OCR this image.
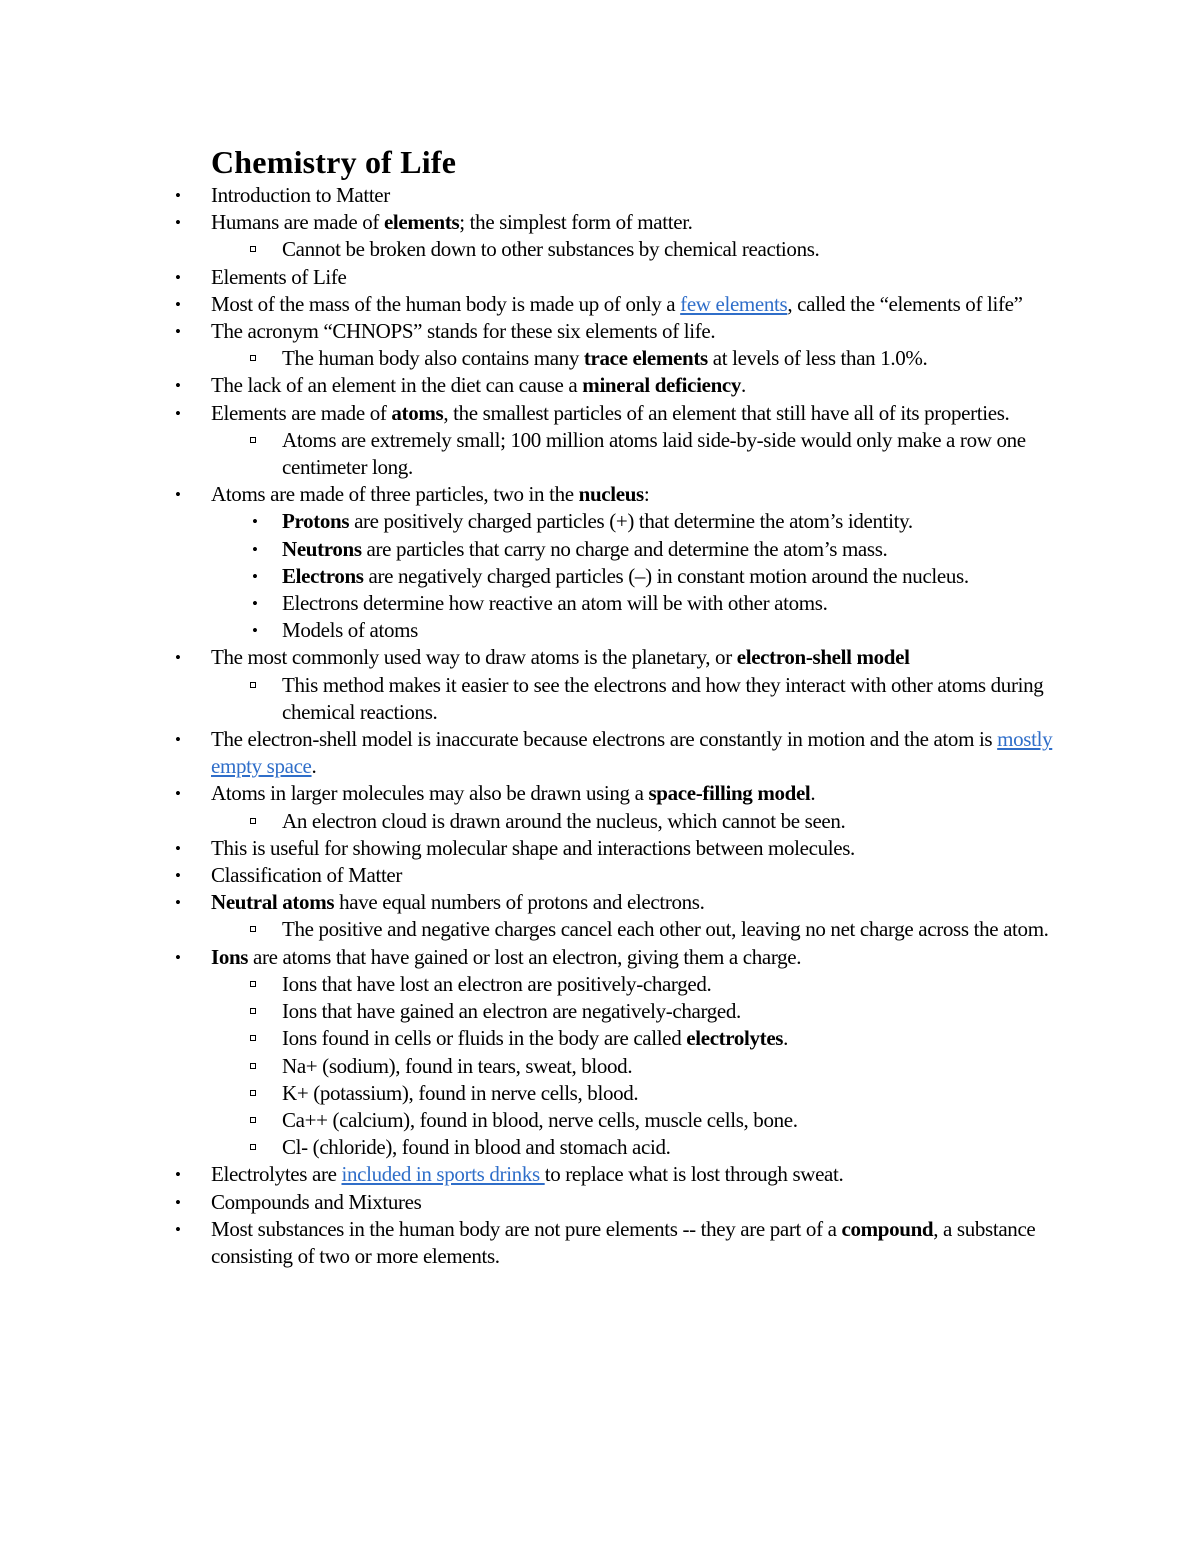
Chemistry of Life
• Introduction to Matter
• Humans are made of elements; the simplest form of matter.
Cannot be broken down to other substances by chemical reactions.
• Elements of Life
• Most of the mass of the human body is made up of only a few elements, called the “elements of life”
• The acronym “CHNOPS” stands for these six elements of life.
The human body also contains many trace elements at levels of less than 1.0%.
• The lack of an element in the diet can cause a mineral deficiency.
• Elements are made of atoms, the smallest particles of an element that still have all of its properties.
Atoms are extremely small; 100 million atoms laid side-by-side would only make a row one centimeter long.
• Atoms are made of three particles, two in the nucleus:
• Protons are positively charged particles (+) that determine the atom’s identity.
• Neutrons are particles that carry no charge and determine the atom’s mass.
• Electrons are negatively charged particles (–) in constant motion around the nucleus.
• Electrons determine how reactive an atom will be with other atoms.
• Models of atoms
• The most commonly used way to draw atoms is the planetary, or electron-shell model
This method makes it easier to see the electrons and how they interact with other atoms during chemical reactions.
• The electron-shell model is inaccurate because electrons are constantly in motion and the atom is mostly empty space.
• Atoms in larger molecules may also be drawn using a space-filling model.
An electron cloud is drawn around the nucleus, which cannot be seen.
• This is useful for showing molecular shape and interactions between molecules.
• Classification of Matter
• Neutral atoms have equal numbers of protons and electrons.
The positive and negative charges cancel each other out, leaving no net charge across the atom.
• Ions are atoms that have gained or lost an electron, giving them a charge.
Ions that have lost an electron are positively-charged.
Ions that have gained an electron are negatively-charged.
Ions found in cells or fluids in the body are called electrolytes.
Na+ (sodium), found in tears, sweat, blood.
K+ (potassium), found in nerve cells, blood.
Ca++ (calcium), found in blood, nerve cells, muscle cells, bone.
Cl- (chloride), found in blood and stomach acid.
• Electrolytes are included in sports drinks to replace what is lost through sweat.
• Compounds and Mixtures
• Most substances in the human body are not pure elements -- they are part of a compound, a substance consisting of two or more elements.
